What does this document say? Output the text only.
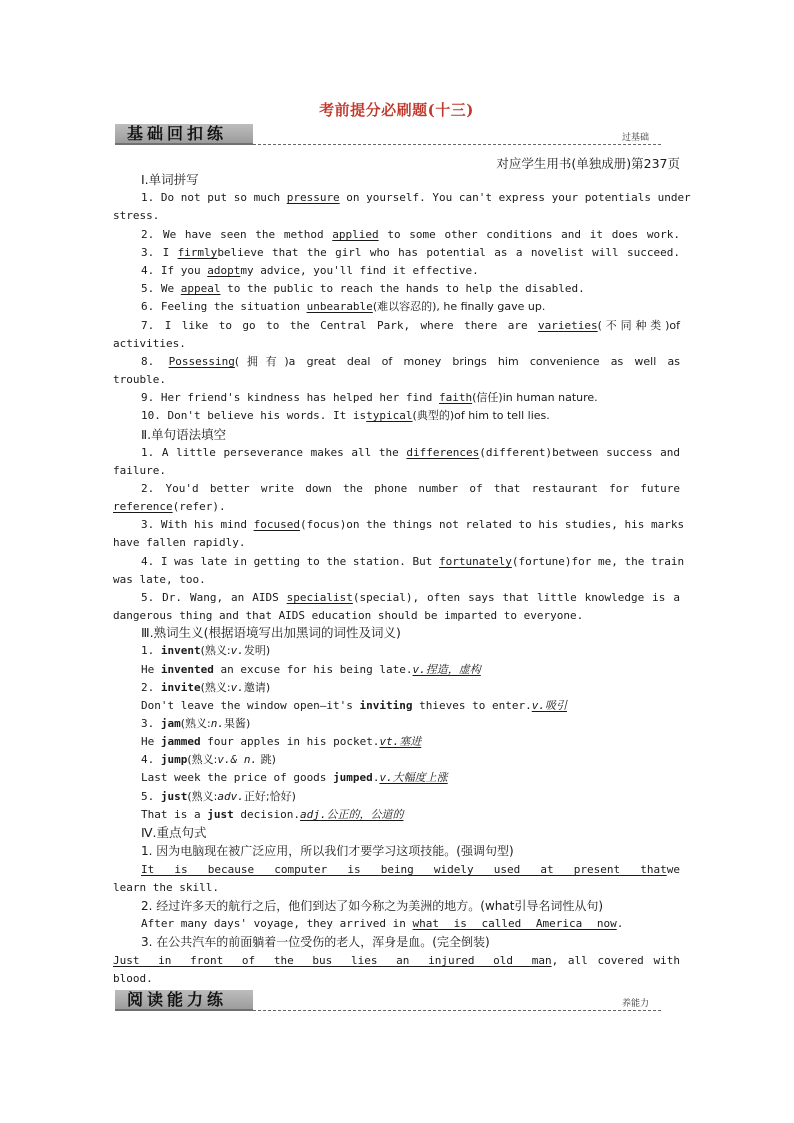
考前提分必刷题(十三)
基础回扣练	过基础
对应学生用书(单独成册)第237页
Ⅰ.单词拼写
1. Do not put so much pressure on yourself. You can't express your potentials under
stress.
2. We have seen the method applied to some other conditions and it does work.
3. I firmlybelieve that the girl who has potential as a novelist will succeed.
4. If you adoptmy advice, you'll find it effective.
5. We appeal to the public to reach the hands to help the disabled.
6. Feeling the situation unbearable(难以容忍的), he finally gave up.
7. I like to go to the Central Park, where there are varieties(不同种类)of
activities.
8. Possessing(拥有)a great deal of money brings him convenience as well as
trouble.
9. Her friend's kindness has helped her find faith(信任)in human nature.
10. Don't believe his words. It istypical(典型的)of him to tell lies.
Ⅱ.单句语法填空
1. A little perseverance makes all the differences(different)between success and
failure.
2. You'd better write down the phone number of that restaurant for future
reference(refer).
3. With his mind focused(focus)on the things not related to his studies, his marks
have fallen rapidly.
4. I was late in getting to the station. But fortunately(fortune)for me, the train
was late, too.
5. Dr. Wang, an AIDS specialist(special), often says that little knowledge is a
dangerous thing and that AIDS education should be imparted to everyone.
Ⅲ.熟词生义(根据语境写出加黑词的词性及词义)
1. invent(熟义:v.发明)
He invented an excuse for his being late.v.捏造，虚构
2. invite(熟义:v.邀请)
Don't leave the window open—it's inviting thieves to enter.v.吸引
3. jam(熟义:n.果酱)
He jammed four apples in his pocket.vt.塞进
4. jump(熟义:v.& n. 跳)
Last week the price of goods jumped.v.大幅度上涨
5. just(熟义:adv.正好;恰好)
That is a just decision.adj.公正的，公道的
Ⅳ.重点句式
1. 因为电脑现在被广泛应用，所以我们才要学习这项技能。(强调句型)
It is because computer is being widely used at present thatwe
learn the skill.
2. 经过许多天的航行之后，他们到达了如今称之为美洲的地方。(what引导名词性从句)
After many days' voyage, they arrived in what is called America now.
3. 在公共汽车的前面躺着一位受伤的老人，浑身是血。(完全倒装)
Just in front of the bus lies an injured old man, all covered with
blood.
阅读能力练	养能力
